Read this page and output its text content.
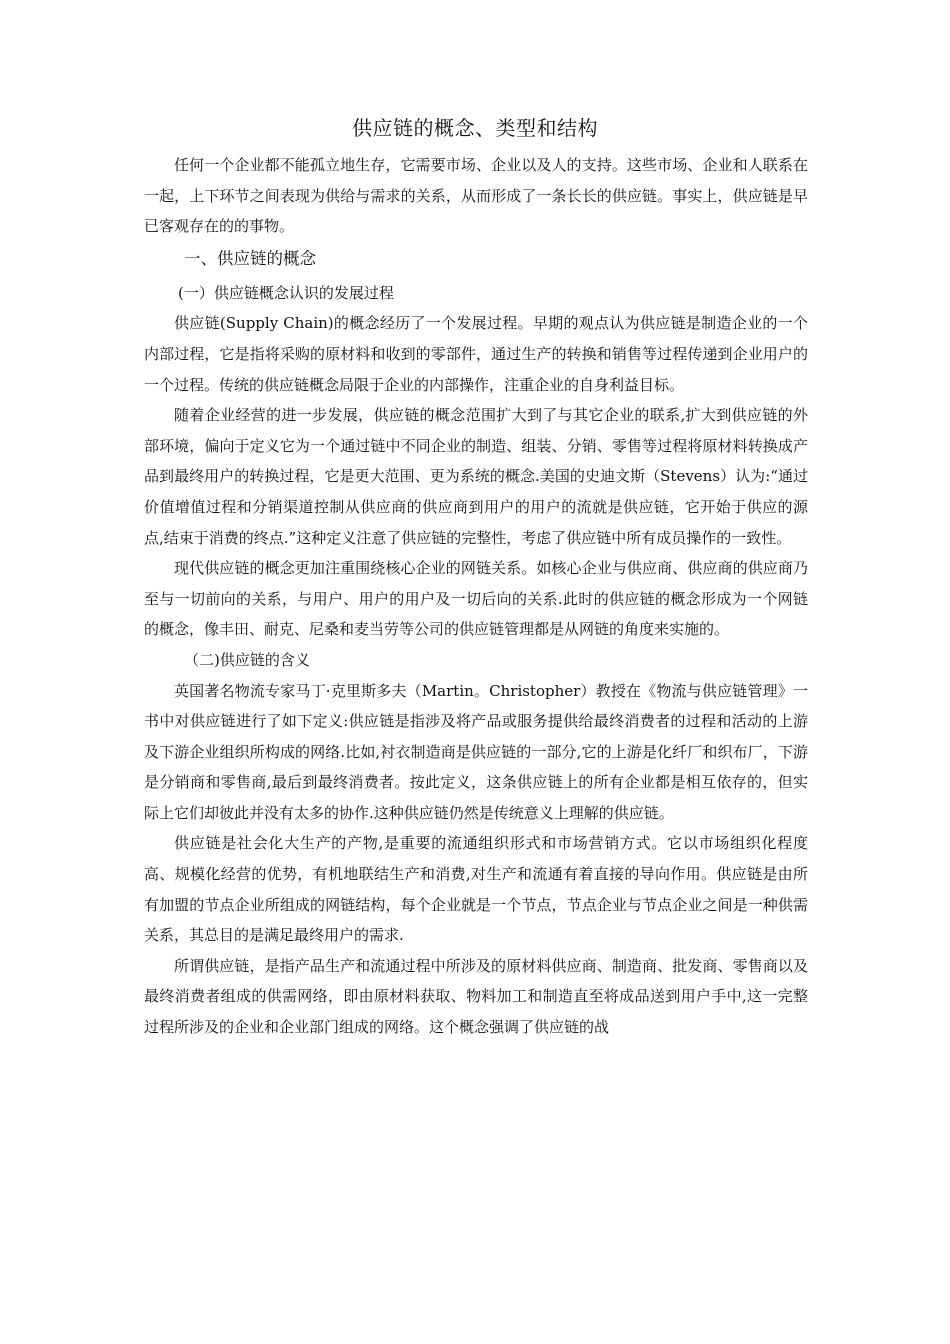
供应链的概念、类型和结构

任何一个企业都不能孤立地生存，它需要市场、企业以及人的支持。这些市场、企业和人联系在一起，上下环节之间表现为供给与需求的关系，从而形成了一条长长的供应链。事实上，供应链是早已客观存在的的事物。

一、供应链的概念

(一）供应链概念认识的发展过程

供应链(Supply Chain)的概念经历了一个发展过程。早期的观点认为供应链是制造企业的一个内部过程，它是指将采购的原材料和收到的零部件，通过生产的转换和销售等过程传递到企业用户的一个过程。传统的供应链概念局限于企业的内部操作，注重企业的自身利益目标。

随着企业经营的进一步发展，供应链的概念范围扩大到了与其它企业的联系,扩大到供应链的外部环境，偏向于定义它为一个通过链中不同企业的制造、组装、分销、零售等过程将原材料转换成产品到最终用户的转换过程，它是更大范围、更为系统的概念.美国的史迪文斯（Stevens）认为:“通过价值增值过程和分销渠道控制从供应商的供应商到用户的用户的流就是供应链，它开始于供应的源点,结束于消费的终点.”这种定义注意了供应链的完整性，考虑了供应链中所有成员操作的一致性。

现代供应链的概念更加注重围绕核心企业的网链关系。如核心企业与供应商、供应商的供应商乃至与一切前向的关系，与用户、用户的用户及一切后向的关系.此时的供应链的概念形成为一个网链的概念，像丰田、耐克、尼桑和麦当劳等公司的供应链管理都是从网链的角度来实施的。

（二)供应链的含义

英国著名物流专家马丁·克里斯多夫（Martin。Christopher）教授在《物流与供应链管理》一书中对供应链进行了如下定义:供应链是指涉及将产品或服务提供给最终消费者的过程和活动的上游及下游企业组织所构成的网络.比如,衬衣制造商是供应链的一部分,它的上游是化纤厂和织布厂，下游是分销商和零售商,最后到最终消费者。按此定义，这条供应链上的所有企业都是相互依存的，但实际上它们却彼此并没有太多的协作.这种供应链仍然是传统意义上理解的供应链。

供应链是社会化大生产的产物,是重要的流通组织形式和市场营销方式。它以市场组织化程度高、规模化经营的优势，有机地联结生产和消费,对生产和流通有着直接的导向作用。供应链是由所有加盟的节点企业所组成的网链结构，每个企业就是一个节点，节点企业与节点企业之间是一种供需关系，其总目的是满足最终用户的需求.

所谓供应链，是指产品生产和流通过程中所涉及的原材料供应商、制造商、批发商、零售商以及最终消费者组成的供需网络，即由原材料获取、物料加工和制造直至将成品送到用户手中,这一完整过程所涉及的企业和企业部门组成的网络。这个概念强调了供应链的战
